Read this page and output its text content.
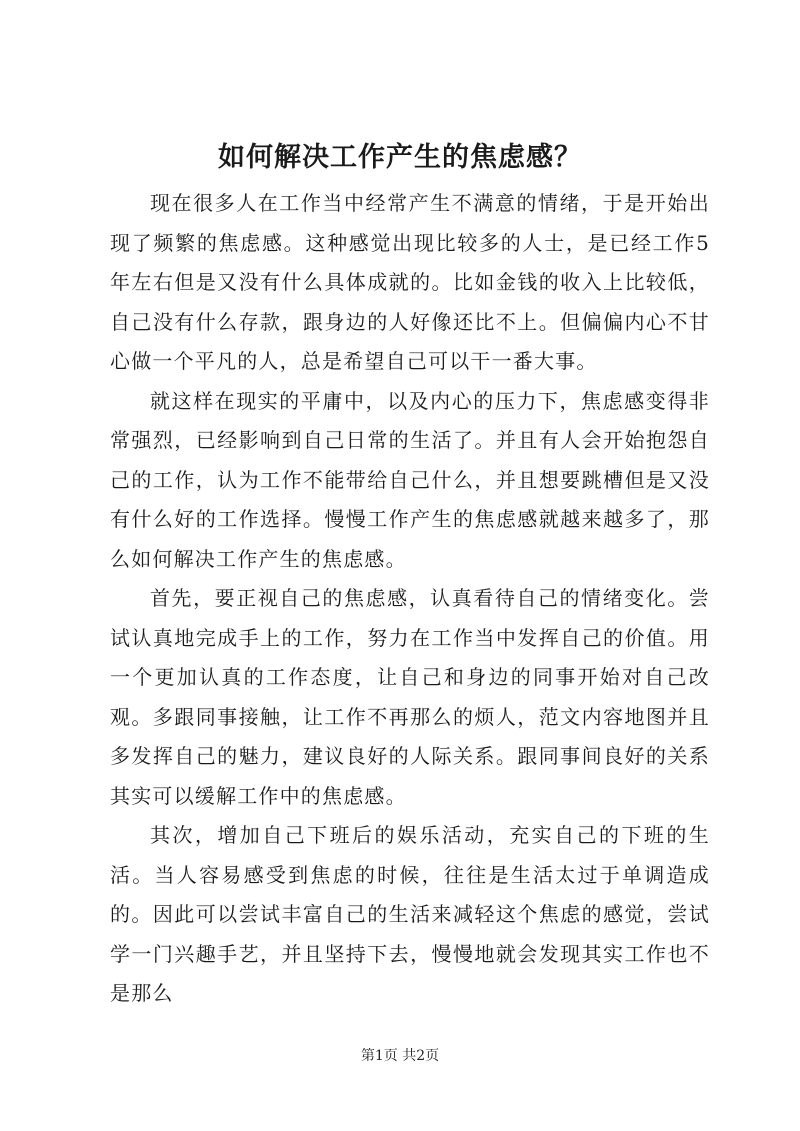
如何解决工作产生的焦虑感？

现在很多人在工作当中经常产生不满意的情绪，于是开始出现了频繁的焦虑感。这种感觉出现比较多的人士，是已经工作5年左右但是又没有什么具体成就的。比如金钱的收入上比较低，自己没有什么存款，跟身边的人好像还比不上。但偏偏内心不甘心做一个平凡的人，总是希望自己可以干一番大事。

就这样在现实的平庸中，以及内心的压力下，焦虑感变得非常强烈，已经影响到自己日常的生活了。并且有人会开始抱怨自己的工作，认为工作不能带给自己什么，并且想要跳槽但是又没有什么好的工作选择。慢慢工作产生的焦虑感就越来越多了，那么如何解决工作产生的焦虑感。

首先，要正视自己的焦虑感，认真看待自己的情绪变化。尝试认真地完成手上的工作，努力在工作当中发挥自己的价值。用一个更加认真的工作态度，让自己和身边的同事开始对自己改观。多跟同事接触，让工作不再那么的烦人，范文内容地图并且多发挥自己的魅力，建议良好的人际关系。跟同事间良好的关系其实可以缓解工作中的焦虑感。

其次，增加自己下班后的娱乐活动，充实自己的下班的生活。当人容易感受到焦虑的时候，往往是生活太过于单调造成的。因此可以尝试丰富自己的生活来减轻这个焦虑的感觉，尝试学一门兴趣手艺，并且坚持下去，慢慢地就会发现其实工作也不是那么

第1页 共2页
